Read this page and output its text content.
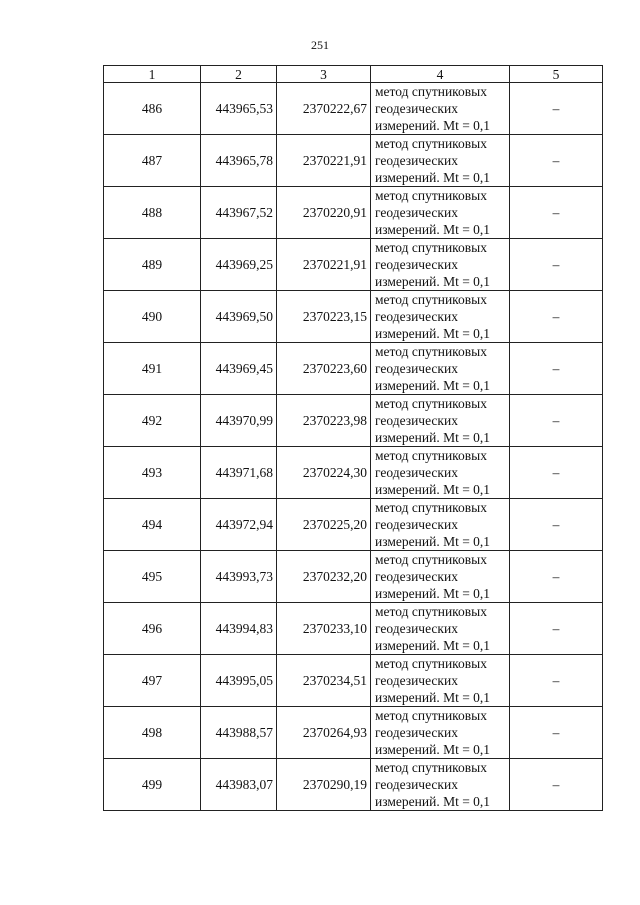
251
1	2	3	4	5
486	443965,53	2370222,67	метод спутниковых
геодезических
измерений. Mt = 0,1	–
487	443965,78	2370221,91	метод спутниковых
геодезических
измерений. Mt = 0,1	–
488	443967,52	2370220,91	метод спутниковых
геодезических
измерений. Mt = 0,1	–
489	443969,25	2370221,91	метод спутниковых
геодезических
измерений. Mt = 0,1	–
490	443969,50	2370223,15	метод спутниковых
геодезических
измерений. Mt = 0,1	–
491	443969,45	2370223,60	метод спутниковых
геодезических
измерений. Mt = 0,1	–
492	443970,99	2370223,98	метод спутниковых
геодезических
измерений. Mt = 0,1	–
493	443971,68	2370224,30	метод спутниковых
геодезических
измерений. Mt = 0,1	–
494	443972,94	2370225,20	метод спутниковых
геодезических
измерений. Mt = 0,1	–
495	443993,73	2370232,20	метод спутниковых
геодезических
измерений. Mt = 0,1	–
496	443994,83	2370233,10	метод спутниковых
геодезических
измерений. Mt = 0,1	–
497	443995,05	2370234,51	метод спутниковых
геодезических
измерений. Mt = 0,1	–
498	443988,57	2370264,93	метод спутниковых
геодезических
измерений. Mt = 0,1	–
499	443983,07	2370290,19	метод спутниковых
геодезических
измерений. Mt = 0,1	–
